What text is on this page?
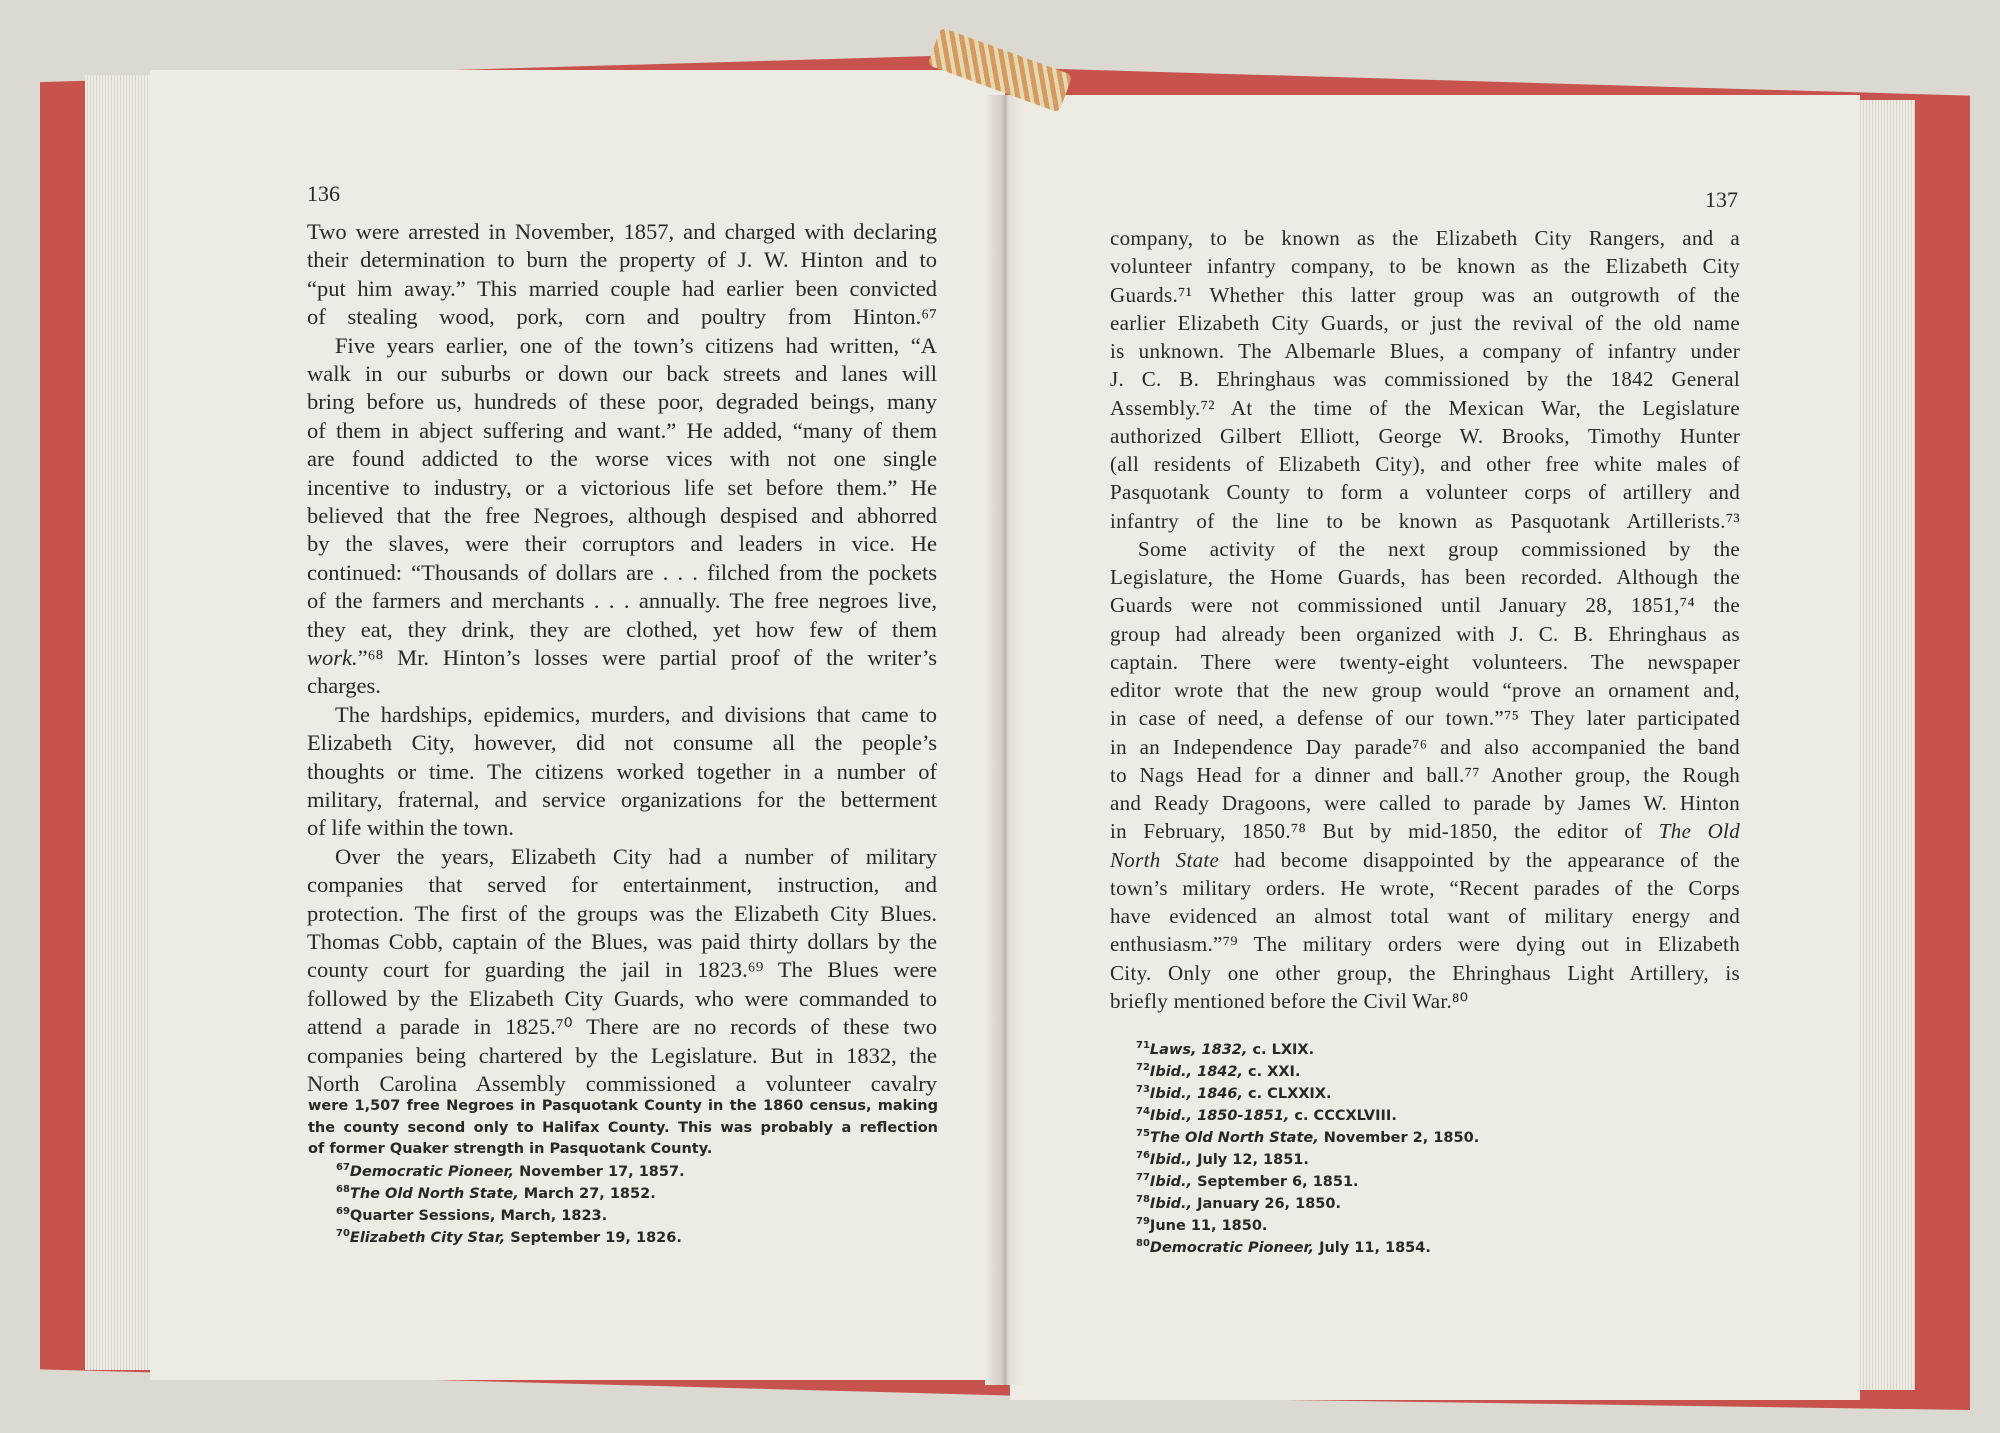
136	137
Two were arrested in November, 1857, and charged with declaring
their determination to burn the property of J. W. Hinton and to
“put him away.” This married couple had earlier been convicted
of stealing wood, pork, corn and poultry from Hinton.⁶⁷
Five years earlier, one of the town’s citizens had written, “A
walk in our suburbs or down our back streets and lanes will
bring before us, hundreds of these poor, degraded beings, many
of them in abject suffering and want.” He added, “many of them
are found addicted to the worse vices with not one single
incentive to industry, or a victorious life set before them.” He
believed that the free Negroes, although despised and abhorred
by the slaves, were their corruptors and leaders in vice. He
continued: “Thousands of dollars are . . . filched from the pockets
of the farmers and merchants . . . annually. The free negroes live,
they eat, they drink, they are clothed, yet how few of them
work.”⁶⁸ Mr. Hinton’s losses were partial proof of the writer’s
charges.
The hardships, epidemics, murders, and divisions that came to
Elizabeth City, however, did not consume all the people’s
thoughts or time. The citizens worked together in a number of
military, fraternal, and service organizations for the betterment
of life within the town.
Over the years, Elizabeth City had a number of military
companies that served for entertainment, instruction, and
protection. The first of the groups was the Elizabeth City Blues.
Thomas Cobb, captain of the Blues, was paid thirty dollars by the
county court for guarding the jail in 1823.⁶⁹ The Blues were
followed by the Elizabeth City Guards, who were commanded to
attend a parade in 1825.⁷⁰ There are no records of these two
companies being chartered by the Legislature. But in 1832, the
North Carolina Assembly commissioned a volunteer cavalry
were 1,507 free Negroes in Pasquotank County in the 1860 census, making
the county second only to Halifax County. This was probably a reflection
of former Quaker strength in Pasquotank County.
$^{67}$Democratic Pioneer, November 17, 1857.
$^{68}$The Old North State, March 27, 1852.
$^{69}$Quarter Sessions, March, 1823.
$^{70}$Elizabeth City Star, September 19, 1826.
company, to be known as the Elizabeth City Rangers, and a
volunteer infantry company, to be known as the Elizabeth City
Guards.⁷¹ Whether this latter group was an outgrowth of the
earlier Elizabeth City Guards, or just the revival of the old name
is unknown. The Albemarle Blues, a company of infantry under
J. C. B. Ehringhaus was commissioned by the 1842 General
Assembly.⁷² At the time of the Mexican War, the Legislature
authorized Gilbert Elliott, George W. Brooks, Timothy Hunter
(all residents of Elizabeth City), and other free white males of
Pasquotank County to form a volunteer corps of artillery and
infantry of the line to be known as Pasquotank Artillerists.⁷³
Some activity of the next group commissioned by the
Legislature, the Home Guards, has been recorded. Although the
Guards were not commissioned until January 28, 1851,⁷⁴ the
group had already been organized with J. C. B. Ehringhaus as
captain. There were twenty-eight volunteers. The newspaper
editor wrote that the new group would “prove an ornament and,
in case of need, a defense of our town.”⁷⁵ They later participated
in an Independence Day parade⁷⁶ and also accompanied the band
to Nags Head for a dinner and ball.⁷⁷ Another group, the Rough
and Ready Dragoons, were called to parade by James W. Hinton
in February, 1850.⁷⁸ But by mid-1850, the editor of The Old
North State had become disappointed by the appearance of the
town’s military orders. He wrote, “Recent parades of the Corps
have evidenced an almost total want of military energy and
enthusiasm.”⁷⁹ The military orders were dying out in Elizabeth
City. Only one other group, the Ehringhaus Light Artillery, is
briefly mentioned before the Civil War.⁸⁰
$^{71}$Laws, 1832, c. LXIX.
$^{72}$Ibid., 1842, c. XXI.
$^{73}$Ibid., 1846, c. CLXXIX.
$^{74}$Ibid., 1850-1851, c. CCCXLVIII.
$^{75}$The Old North State, November 2, 1850.
$^{76}$Ibid., July 12, 1851.
$^{77}$Ibid., September 6, 1851.
$^{78}$Ibid., January 26, 1850.
$^{79}$June 11, 1850.
$^{80}$Democratic Pioneer, July 11, 1854.
